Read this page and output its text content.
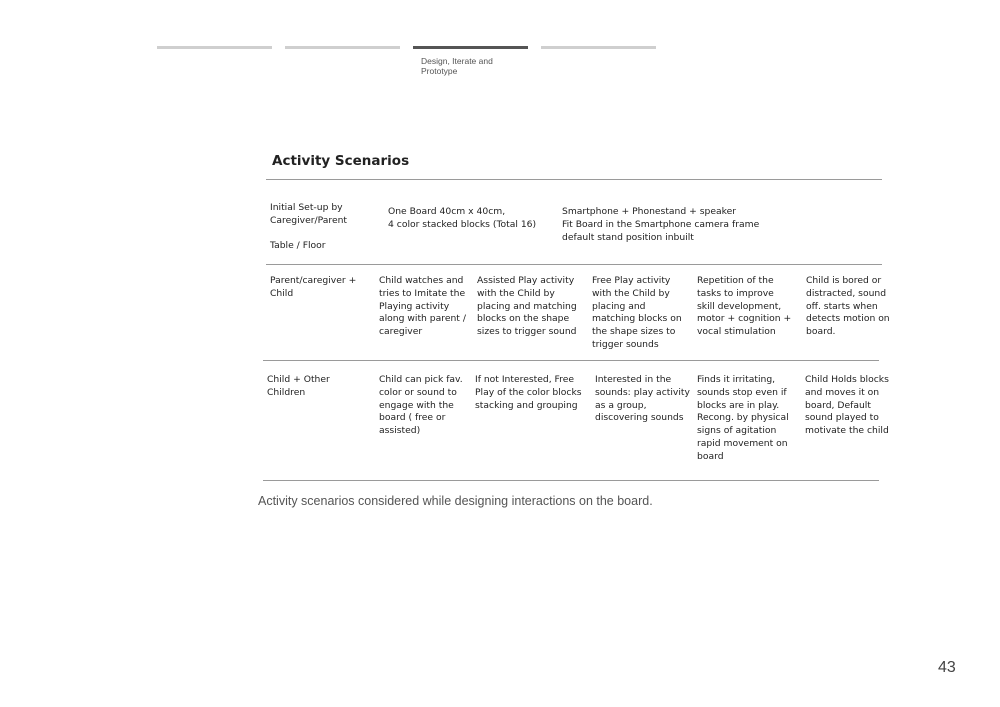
Design, Iterate and Prototype
Activity Scenarios
Initial Set-up by
Caregiver/Parent

Table / Floor
One Board 40cm x 40cm,
4 color stacked blocks (Total 16)
Smartphone + Phonestand + speaker
Fit Board in the Smartphone camera frame
default stand position inbuilt
Parent/caregiver +
Child
Child watches and
tries to Imitate the
Playing activity
along with parent /
caregiver
Assisted Play activity
with the Child by
placing and matching
blocks on the shape
sizes to trigger sound
Free Play activity
with the Child by
placing and
matching blocks on
the shape sizes to
trigger sounds
Repetition of the
tasks to improve
skill development,
motor + cognition +
vocal stimulation
Child is bored or
distracted, sound
off. starts when
detects motion on
board.
Child + Other
Children
Child can pick fav.
color or sound to
engage with the
board ( free or
assisted)
If not Interested, Free
Play of the color blocks
stacking and grouping
Interested in the
sounds: play activity
as a group,
discovering sounds
Finds it irritating,
sounds stop even if
blocks are in play.
Recong. by physical
signs of agitation
rapid movement on
board
Child Holds blocks
and moves it on
board, Default
sound played to
motivate the child
Activity scenarios considered while designing interactions on the board.
43
